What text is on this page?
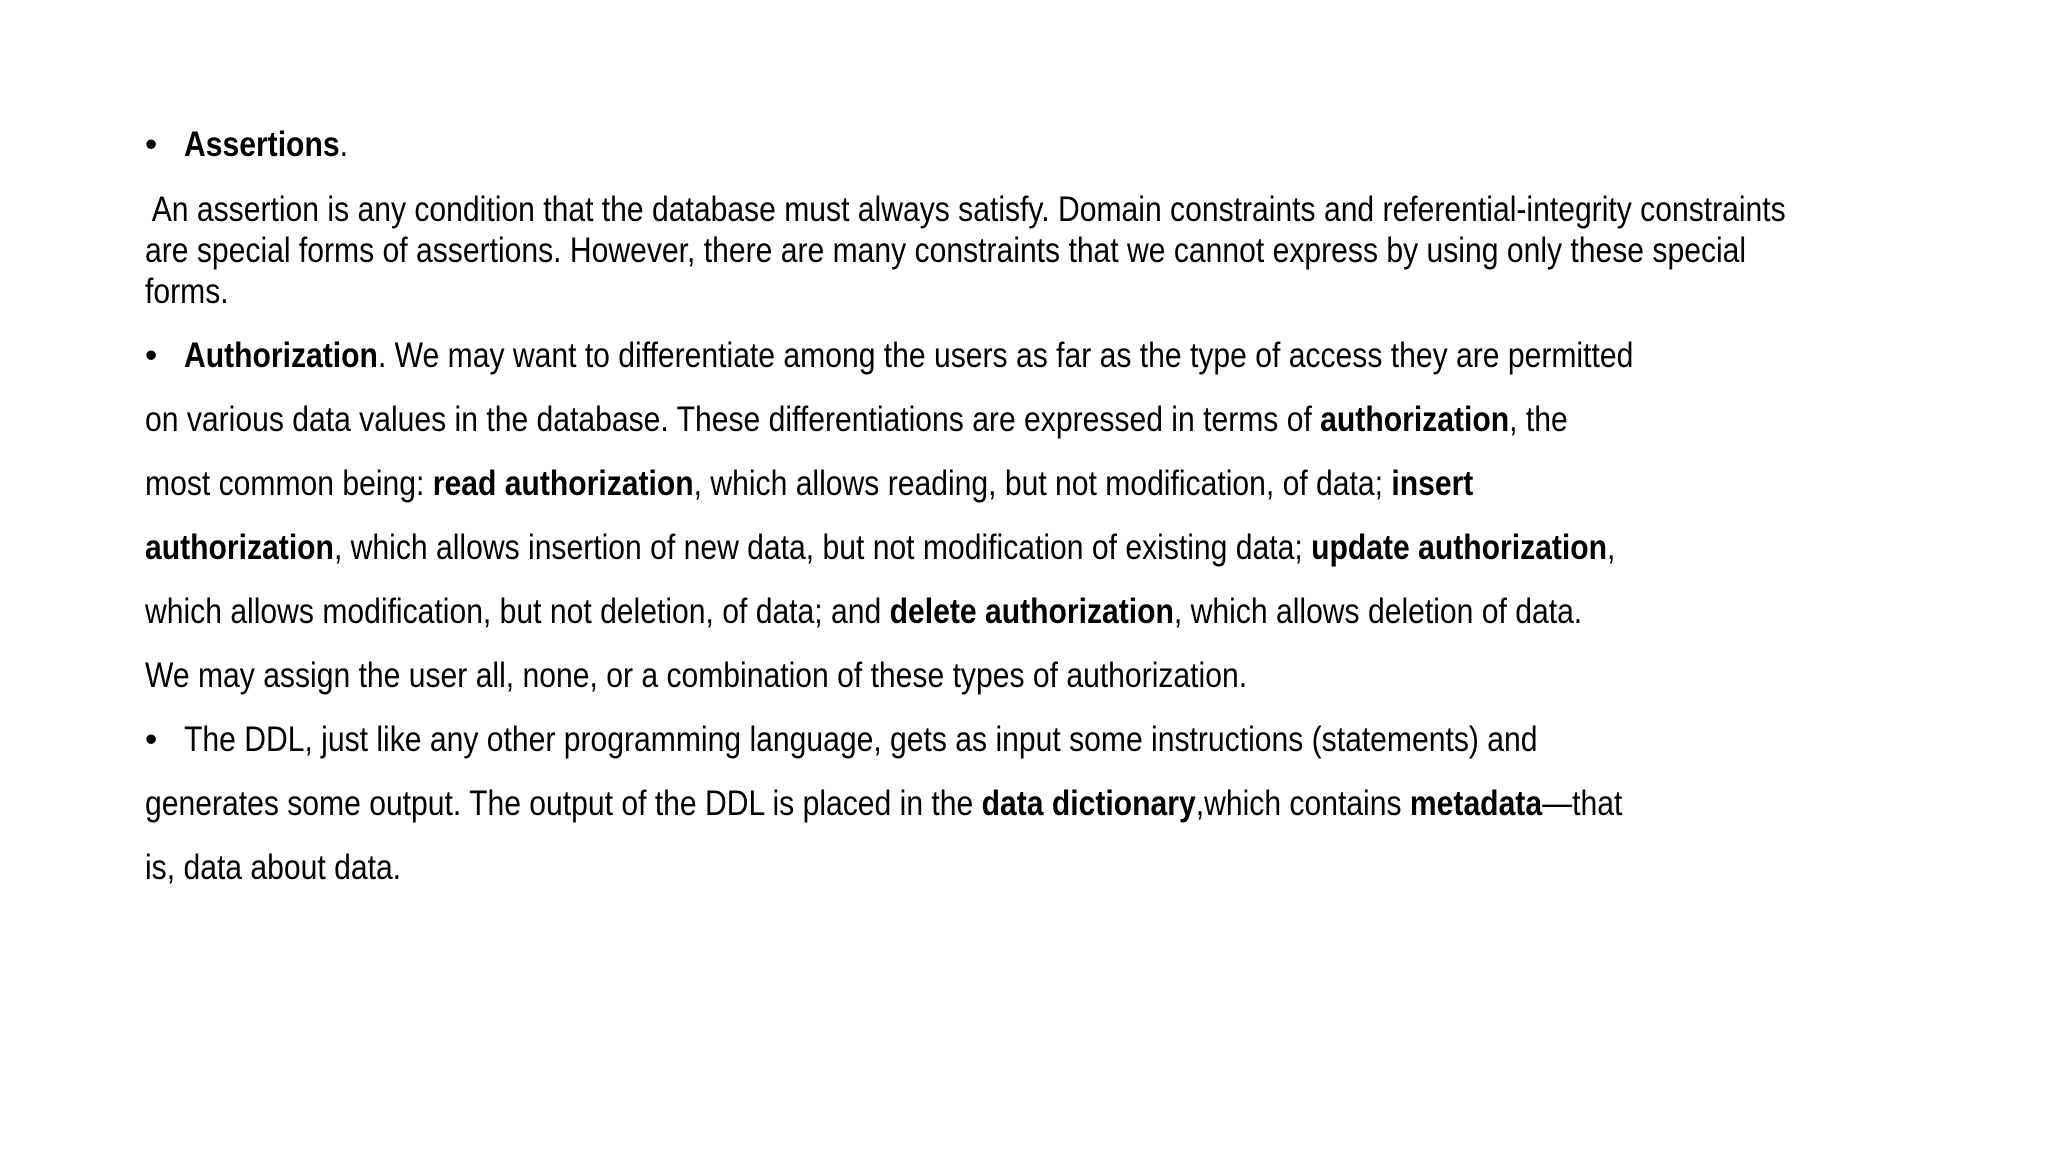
• Assertions.
An assertion is any condition that the database must always satisfy. Domain constraints and referential-integrity constraints
are special forms of assertions. However, there are many constraints that we cannot express by using only these special
forms.
• Authorization. We may want to differentiate among the users as far as the type of access they are permitted
on various data values in the database. These differentiations are expressed in terms of authorization, the
most common being: read authorization, which allows reading, but not modification, of data; insert
authorization, which allows insertion of new data, but not modification of existing data; update authorization,
which allows modification, but not deletion, of data; and delete authorization, which allows deletion of data.
We may assign the user all, none, or a combination of these types of authorization.
• The DDL, just like any other programming language, gets as input some instructions (statements) and
generates some output. The output of the DDL is placed in the data dictionary,which contains metadata—that
is, data about data.
